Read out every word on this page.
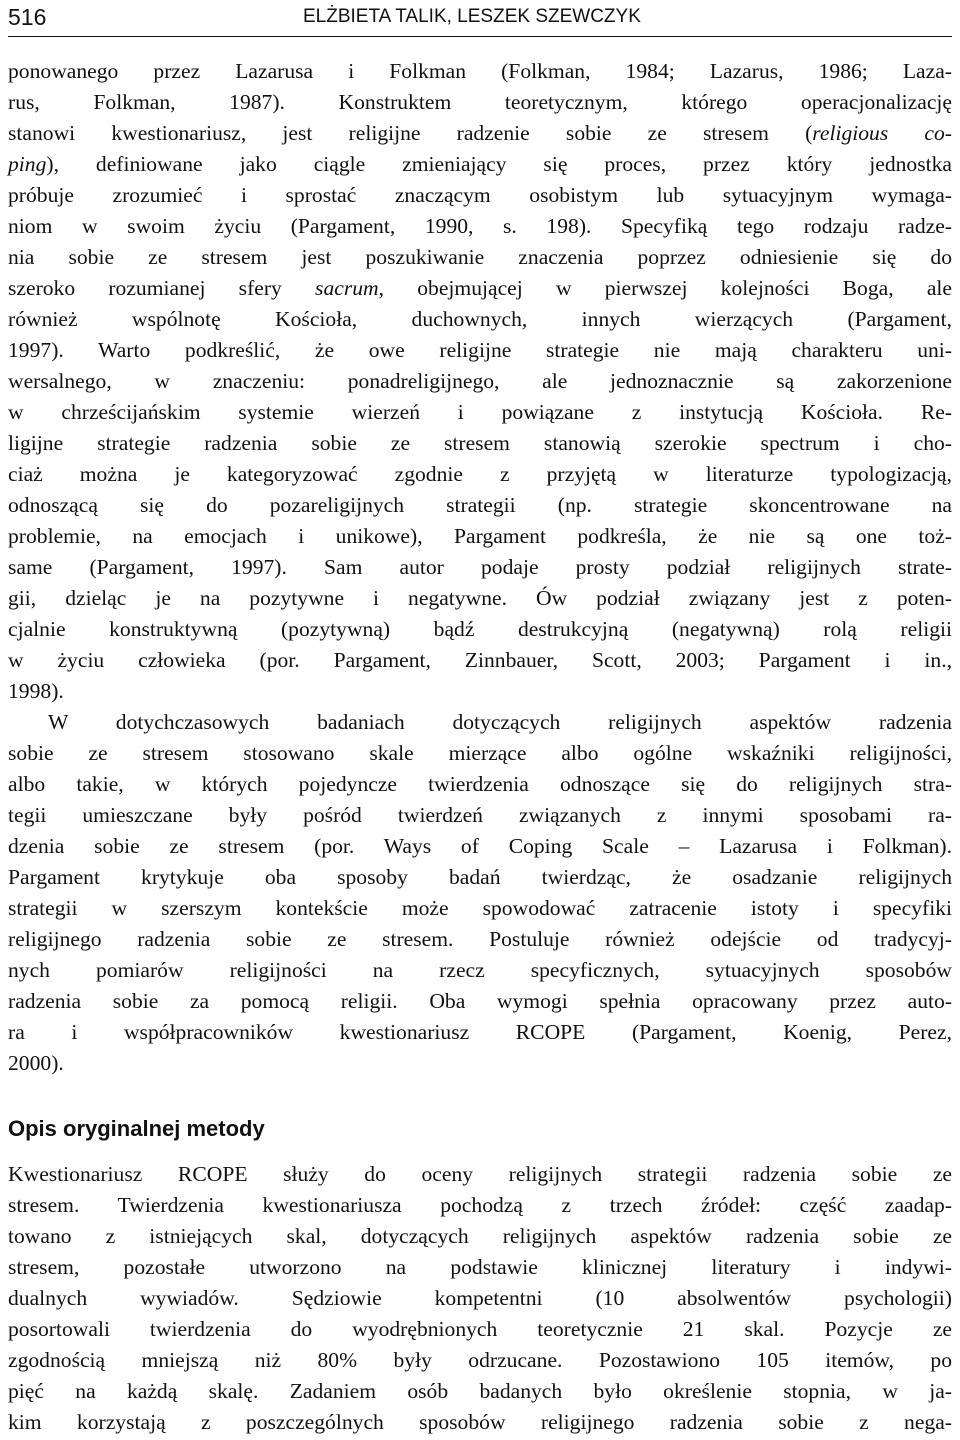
516	ELŻBIETA TALIK, LESZEK SZEWCZYK
ponowanego przez Lazarusa i Folkman (Folkman, 1984; Lazarus, 1986; Laza-
rus, Folkman, 1987). Konstruktem teoretycznym, którego operacjonalizację
stanowi kwestionariusz, jest religijne radzenie sobie ze stresem (religious co-
ping), definiowane jako ciągle zmieniający się proces, przez który jednostka
próbuje zrozumieć i sprostać znaczącym osobistym lub sytuacyjnym wymaga-
niom w swoim życiu (Pargament, 1990, s. 198). Specyfiką tego rodzaju radze-
nia sobie ze stresem jest poszukiwanie znaczenia poprzez odniesienie się do
szeroko rozumianej sfery sacrum, obejmującej w pierwszej kolejności Boga, ale
również wspólnotę Kościoła, duchownych, innych wierzących (Pargament,
1997). Warto podkreślić, że owe religijne strategie nie mają charakteru uni-
wersalnego, w znaczeniu: ponadreligijnego, ale jednoznacznie są zakorzenione
w chrześcijańskim systemie wierzeń i powiązane z instytucją Kościoła. Re-
ligijne strategie radzenia sobie ze stresem stanowią szerokie spectrum i cho-
ciaż można je kategoryzować zgodnie z przyjętą w literaturze typologizacją,
odnoszącą się do pozareligijnych strategii (np. strategie skoncentrowane na
problemie, na emocjach i unikowe), Pargament podkreśla, że nie są one toż-
same (Pargament, 1997). Sam autor podaje prosty podział religijnych strate-
gii, dzieląc je na pozytywne i negatywne. Ów podział związany jest z poten-
cjalnie konstruktywną (pozytywną) bądź destrukcyjną (negatywną) rolą religii
w życiu człowieka (por. Pargament, Zinnbauer, Scott, 2003; Pargament i in.,
1998).
W dotychczasowych badaniach dotyczących religijnych aspektów radzenia
sobie ze stresem stosowano skale mierzące albo ogólne wskaźniki religijności,
albo takie, w których pojedyncze twierdzenia odnoszące się do religijnych stra-
tegii umieszczane były pośród twierdzeń związanych z innymi sposobami ra-
dzenia sobie ze stresem (por. Ways of Coping Scale – Lazarusa i Folkman).
Pargament krytykuje oba sposoby badań twierdząc, że osadzanie religijnych
strategii w szerszym kontekście może spowodować zatracenie istoty i specyfiki
religijnego radzenia sobie ze stresem. Postuluje również odejście od tradycyj-
nych pomiarów religijności na rzecz specyficznych, sytuacyjnych sposobów
radzenia sobie za pomocą religii. Oba wymogi spełnia opracowany przez auto-
ra i współpracowników kwestionariusz RCOPE (Pargament, Koenig, Perez,
2000).
Opis oryginalnej metody
Kwestionariusz RCOPE służy do oceny religijnych strategii radzenia sobie ze
stresem. Twierdzenia kwestionariusza pochodzą z trzech źródeł: część zaadap-
towano z istniejących skal, dotyczących religijnych aspektów radzenia sobie ze
stresem, pozostałe utworzono na podstawie klinicznej literatury i indywi-
dualnych wywiadów. Sędziowie kompetentni (10 absolwentów psychologii)
posortowali twierdzenia do wyodrębnionych teoretycznie 21 skal. Pozycje ze
zgodnością mniejszą niż 80% były odrzucane. Pozostawiono 105 itemów, po
pięć na każdą skalę. Zadaniem osób badanych było określenie stopnia, w ja-
kim korzystają z poszczególnych sposobów religijnego radzenia sobie z nega-
